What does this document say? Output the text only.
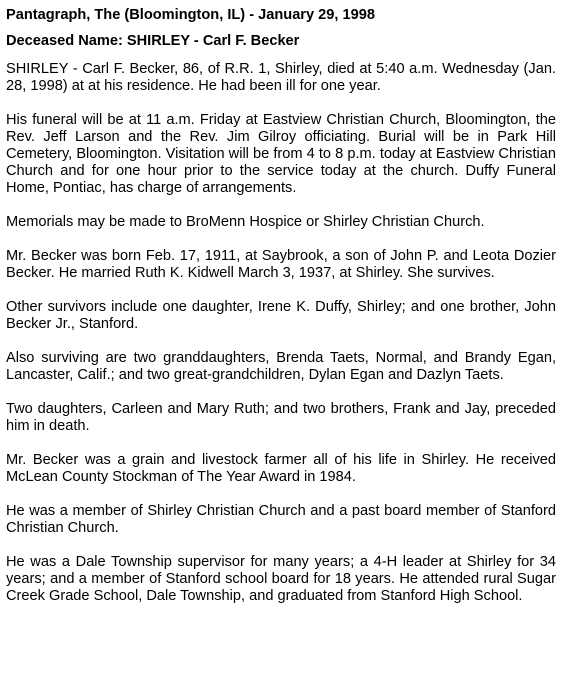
Pantagraph, The (Bloomington, IL) - January 29, 1998
Deceased Name: SHIRLEY - Carl F. Becker
SHIRLEY - Carl F. Becker, 86, of R.R. 1, Shirley, died at 5:40 a.m. Wednesday (Jan. 28, 1998) at at his residence. He had been ill for one year.
His funeral will be at 11 a.m. Friday at Eastview Christian Church, Bloomington, the Rev. Jeff Larson and the Rev. Jim Gilroy officiating. Burial will be in Park Hill Cemetery, Bloomington. Visitation will be from 4 to 8 p.m. today at Eastview Christian Church and for one hour prior to the service today at the church. Duffy Funeral Home, Pontiac, has charge of arrangements.
Memorials may be made to BroMenn Hospice or Shirley Christian Church.
Mr. Becker was born Feb. 17, 1911, at Saybrook, a son of John P. and Leota Dozier Becker. He married Ruth K. Kidwell March 3, 1937, at Shirley. She survives.
Other survivors include one daughter, Irene K. Duffy, Shirley; and one brother, John Becker Jr., Stanford.
Also surviving are two granddaughters, Brenda Taets, Normal, and Brandy Egan, Lancaster, Calif.; and two great-grandchildren, Dylan Egan and Dazlyn Taets.
Two daughters, Carleen and Mary Ruth; and two brothers, Frank and Jay, preceded him in death.
Mr. Becker was a grain and livestock farmer all of his life in Shirley. He received McLean County Stockman of The Year Award in 1984.
He was a member of Shirley Christian Church and a past board member of Stanford Christian Church.
He was a Dale Township supervisor for many years; a 4-H leader at Shirley for 34 years; and a member of Stanford school board for 18 years. He attended rural Sugar Creek Grade School, Dale Township, and graduated from Stanford High School.
